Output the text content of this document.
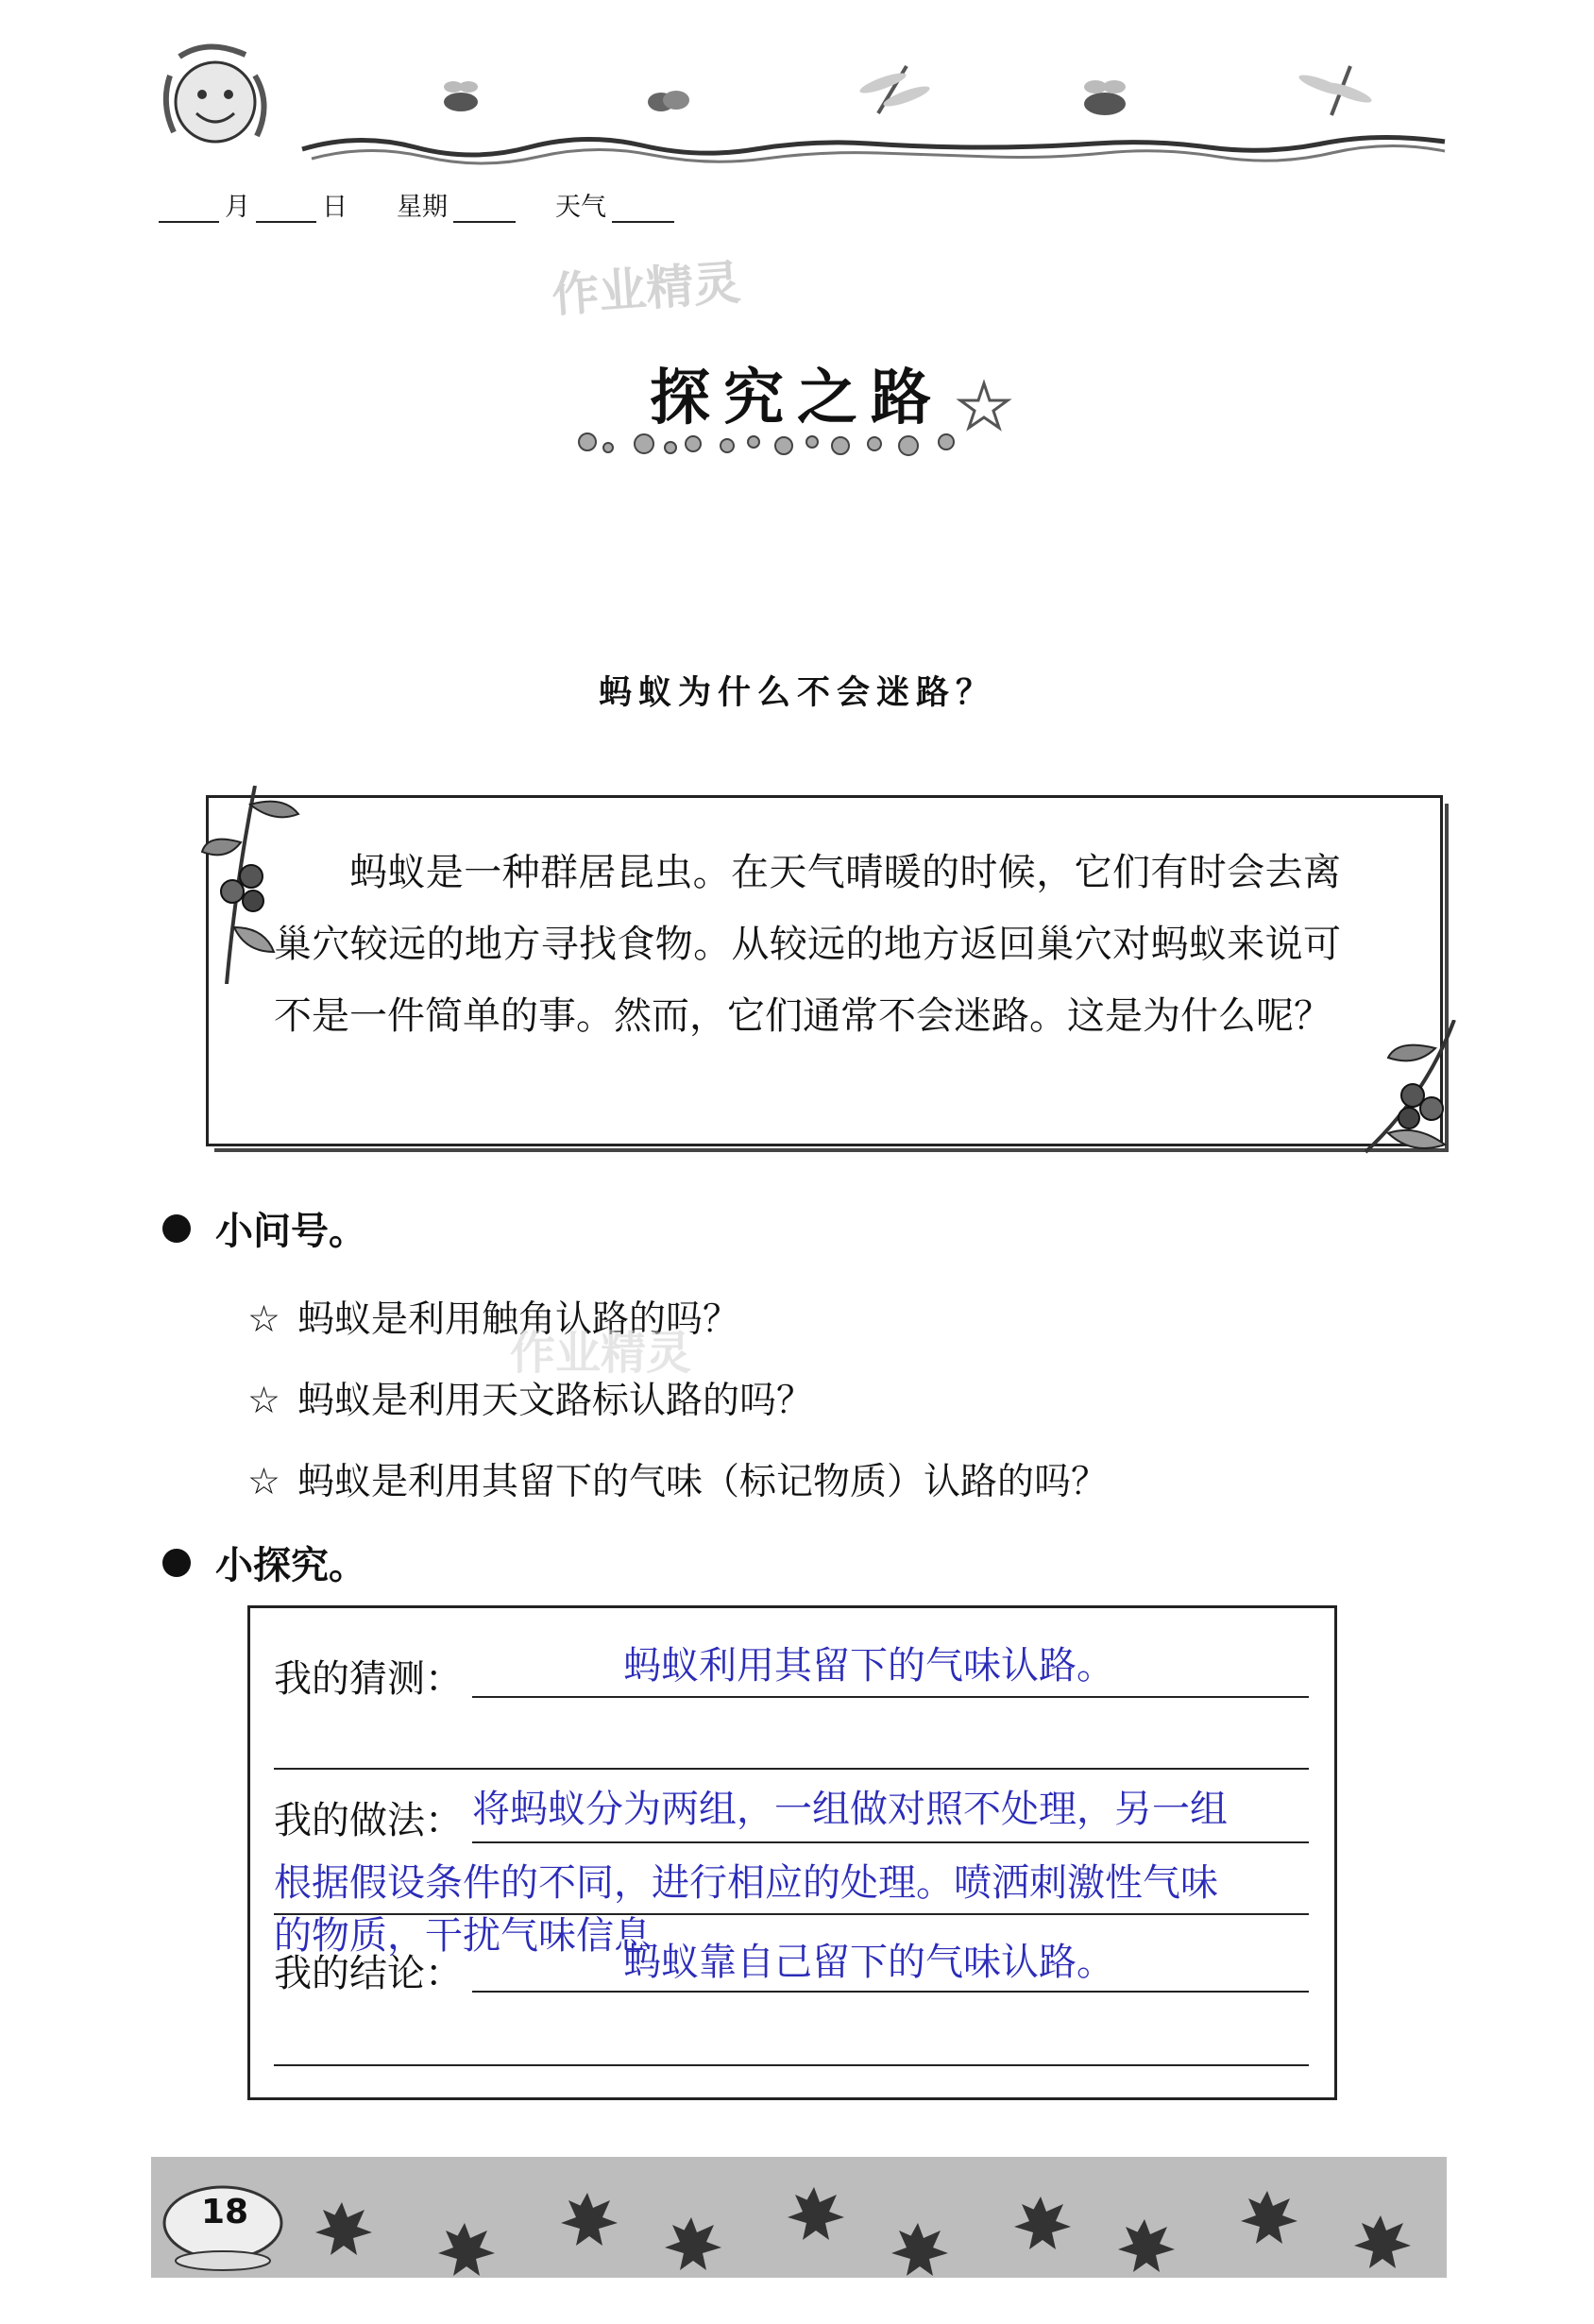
月	日 星期	天气
作业精灵
探究之路
蚂蚁为什么不会迷路？
蚂蚁是一种群居昆虫。在天气晴暖的时候，它们有时会去离巢穴较远的地方寻找食物。从较远的地方返回巢穴对蚂蚁来说可不是一件简单的事。然而，它们通常不会迷路。这是为什么呢？
小问号。
☆ 蚂蚁是利用触角认路的吗？
☆ 蚂蚁是利用天文路标认路的吗？
☆ 蚂蚁是利用其留下的气味（标记物质）认路的吗？
作业精灵
小探究。
我的猜测：	蚂蚁利用其留下的气味认路。
我的做法： 将蚂蚁分为两组，一组做对照不处理，另一组
根据假设条件的不同，进行相应的处理。喷洒刺激性气味
的物质，干扰气味信息
我的结论：	蚂蚁靠自己留下的气味认路。
18
